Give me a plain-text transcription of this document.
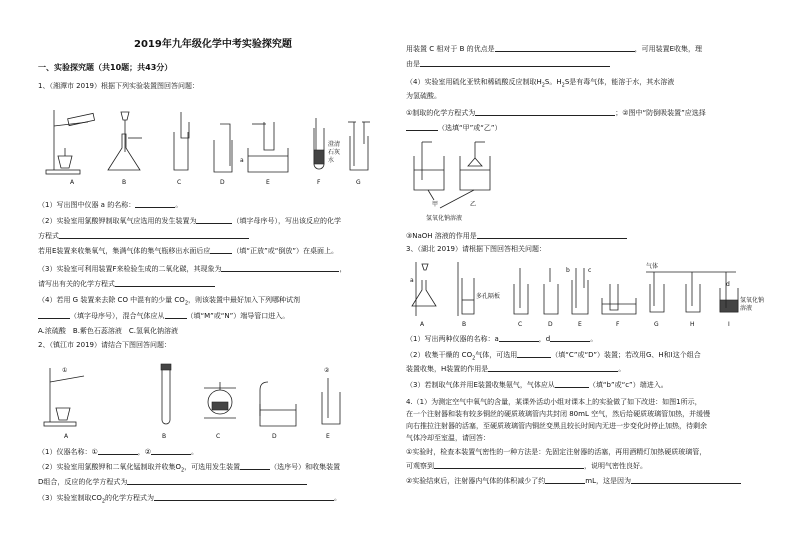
2019年九年级化学中考实验探究题
一、实验探究题（共10题；共43分）
1、（湘潭市 2019）根据下列实验装置图回答问题：
A	B	C	D
a
E
澄清
石灰
水
F	G
（1）写出图中仪器 a 的名称：	。
（2）实验室用氯酸钾制取氧气应选用的发生装置为	（填字母序号），写出该反应的化学
方程式
若用E装置来收集氧气，集满气体的集气瓶移出水面后应	（填“正放”或“倒放”）在桌面上。
（3）实验室可利用装置F来检验生成的二氧化碳，其现象为	，
请写出有关的化学方程式
（4）若用 G 装置来去除 CO 中混有的少量 $CO_2$，则该装置中最好加入下列哪种试剂
（填字母序号），混合气体应从	（填“M”或“N”）端导管口进入。
A.浓硫酸　B.紫色石蕊溶液　C.氢氧化钠溶液
2、（镇江市 2019）请结合下图回答问题：
①
A	B	C	D
②
E
（1）仪器名称：①	，②	。
（2）实验室用氯酸钾和二氧化锰制取并收集$O_2$，可选用发生装置	（选序号）和收集装置
D组合，反应的化学方程式为
（3）实验室制取$CO_2$的化学方程式为	。
用装置 C 相对于 B 的优点是	，可用装置E收集，理
由是
（4）实验室用硫化亚铁和稀硫酸反应制取$H_2S$。$H_2S$是有毒气体，能溶于水，其水溶液
为氢硫酸。
①制取的化学方程式为	；②图中“防倒吸装置”应选择
（选填“甲”或“乙”）
甲	乙
氢氧化钠溶液
③NaOH 溶液的作用是
3、（湖北 2019）请根据下图回答相关问题：
a
A
多孔隔板
B	C	D
b	c
E	F
气体
d
氢氧化钠
溶液
G	H	I
（1）写出两种仪器的名称：a	，d	。
（2）收集干燥的 $CO_2$气体，可选用	（填“C”或“D”）装置；若改用G、H和I这个组合
装置收集，H装置的作用是	。
（3）若制取气体并用E装置收集氨气，气体应从	（填“b”或“c”）端进入。
4.（1）为测定空气中氧气的含量，某课外活动小组对课本上的实验做了如下改进：如图1所示，
在一个注射器和装有较多铜丝的硬质玻璃管内共封闭 80mL 空气，然后给硬质玻璃管加热，并缓慢
向右推拉注射器的活塞，至硬质玻璃管内铜丝变黑且较长时间内无进一步变化时停止加热，待剩余
气体冷却至室温，请回答：
①实验时，检查本装置气密性的一种方法是：先固定注射器的活塞，再用酒精灯加热硬质玻璃管，
可观察到	，说明气密性良好。
②实验结束后，注射器内气体的体积减少了约	mL，这是因为
